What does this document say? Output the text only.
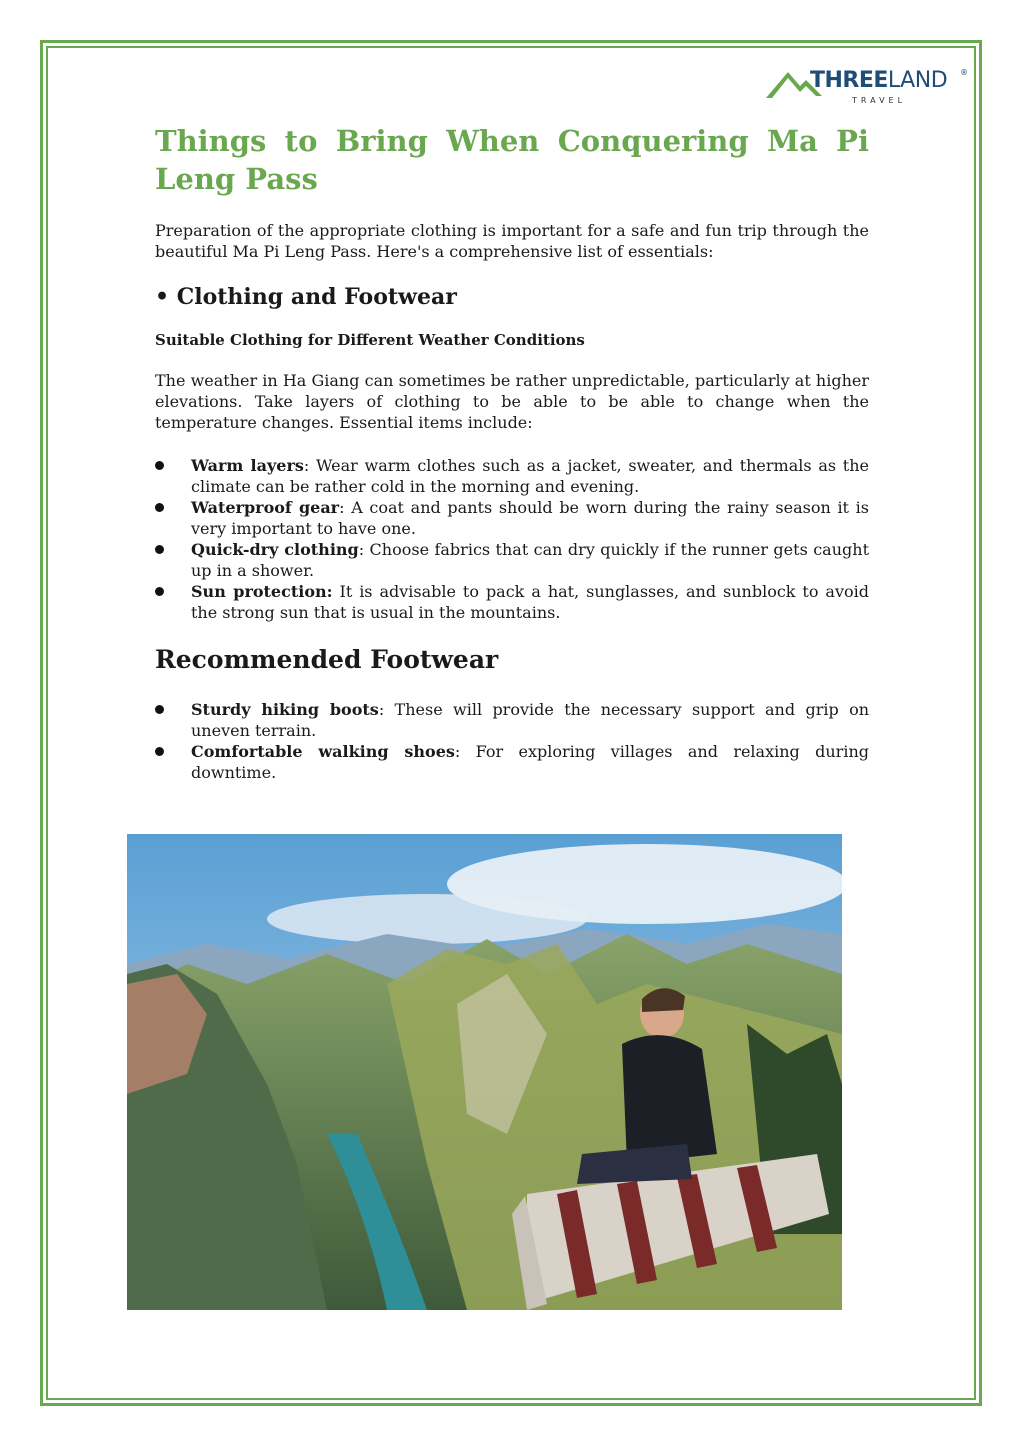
THREELAND ®
TRAVEL
Things to Bring When Conquering Ma Pi Leng Pass

Preparation of the appropriate clothing is important for a safe and fun trip through the beautiful Ma Pi Leng Pass. Here's a comprehensive list of essentials:

• Clothing and Footwear
Suitable Clothing for Different Weather Conditions

The weather in Ha Giang can sometimes be rather unpredictable, particularly at higher elevations. Take layers of clothing to be able to be able to change when the temperature changes. Essential items include:

Warm layers: Wear warm clothes such as a jacket, sweater, and thermals as the climate can be rather cold in the morning and evening.
Waterproof gear: A coat and pants should be worn during the rainy season it is very important to have one.
Quick-dry clothing: Choose fabrics that can dry quickly if the runner gets caught up in a shower.
Sun protection: It is advisable to pack a hat, sunglasses, and sunblock to avoid the strong sun that is usual in the mountains.
Recommended Footwear
Sturdy hiking boots: These will provide the necessary support and grip on uneven terrain.
Comfortable walking shoes: For exploring villages and relaxing during downtime.
